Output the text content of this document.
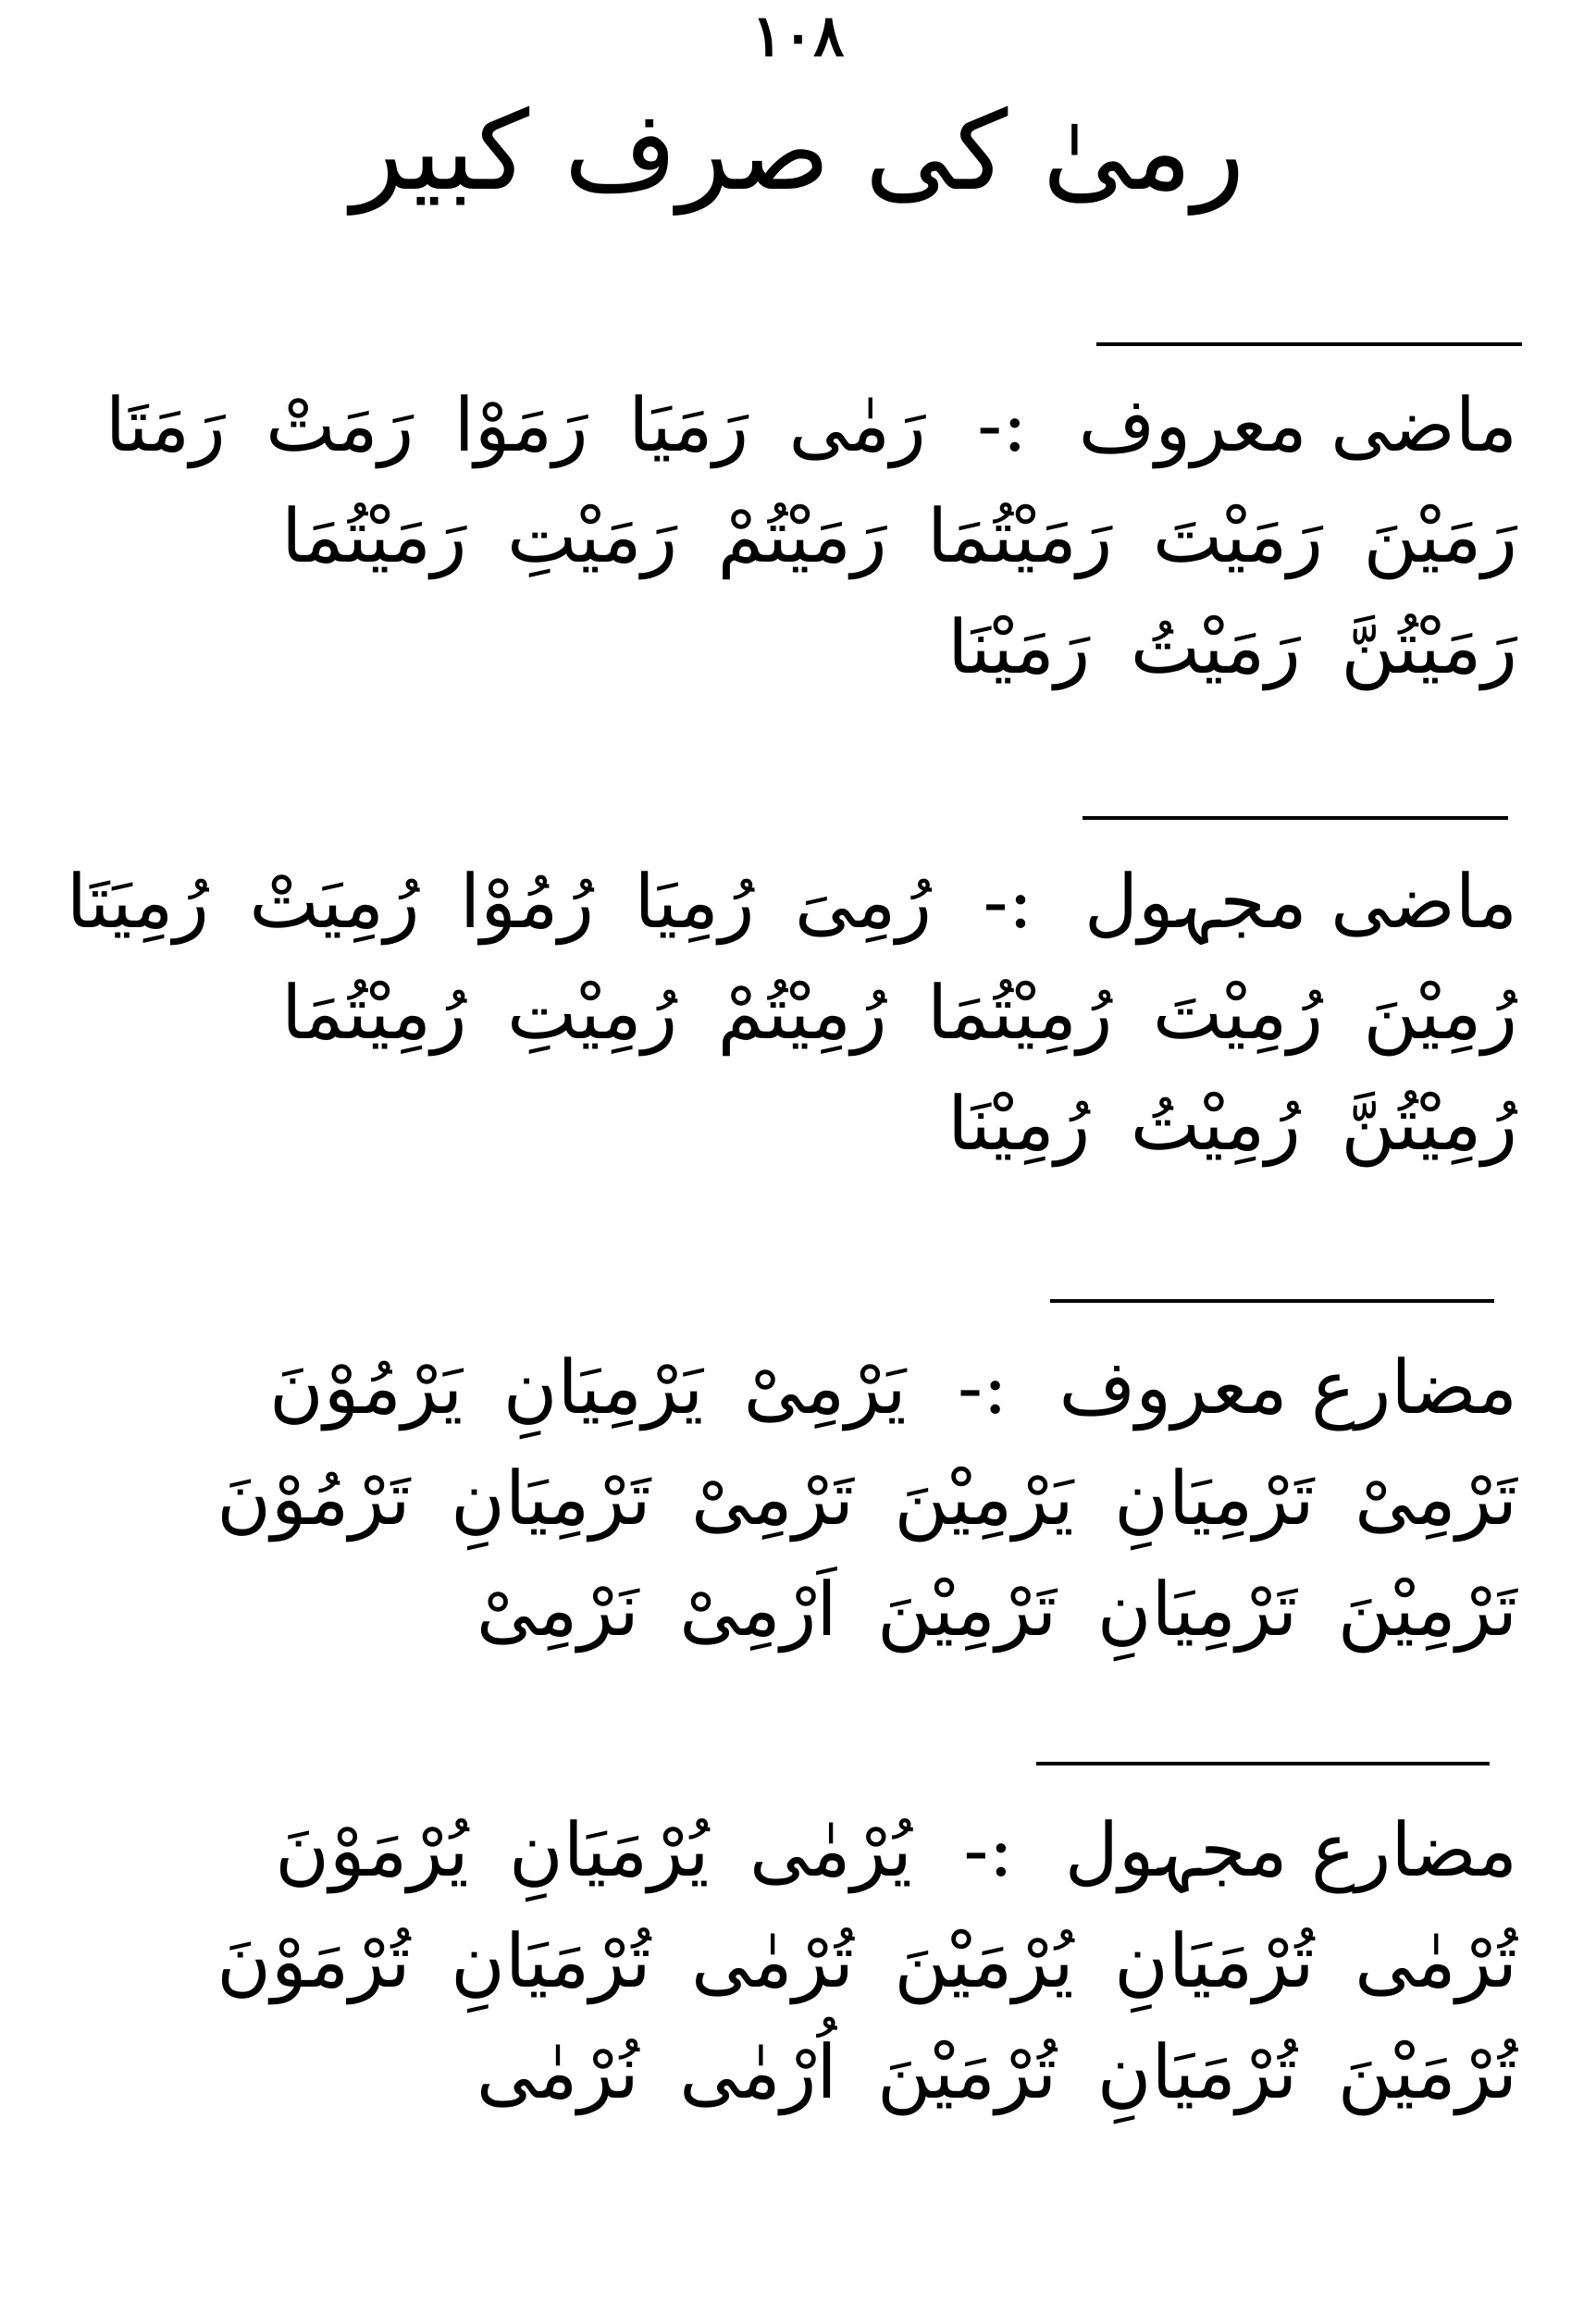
١٠٨
رمیٰ کی صرف کبیر
ماضی معروف :- رَمٰی رَمَیَا رَمَوْا رَمَتْ رَمَتَا
رَمَیْنَ رَمَیْتَ رَمَیْتُمَا رَمَیْتُمْ رَمَیْتِ رَمَیْتُمَا
رَمَیْتُنَّ رَمَیْتُ رَمَیْنَا
ماضی مجہول :- رُمِیَ رُمِیَا رُمُوْا رُمِیَتْ رُمِیَتَا
رُمِیْنَ رُمِیْتَ رُمِیْتُمَا رُمِیْتُمْ رُمِیْتِ رُمِیْتُمَا
رُمِیْتُنَّ رُمِیْتُ رُمِیْنَا
مضارع معروف :- یَرْمِیْ یَرْمِیَانِ یَرْمُوْنَ
تَرْمِیْ تَرْمِیَانِ یَرْمِیْنَ تَرْمِیْ تَرْمِیَانِ تَرْمُوْنَ
تَرْمِیْنَ تَرْمِیَانِ تَرْمِیْنَ اَرْمِیْ نَرْمِیْ
مضارع مجہول :- یُرْمٰی یُرْمَیَانِ یُرْمَوْنَ
تُرْمٰی تُرْمَیَانِ یُرْمَیْنَ تُرْمٰی تُرْمَیَانِ تُرْمَوْنَ
تُرْمَیْنَ تُرْمَیَانِ تُرْمَیْنَ اُرْمٰی نُرْمٰی
